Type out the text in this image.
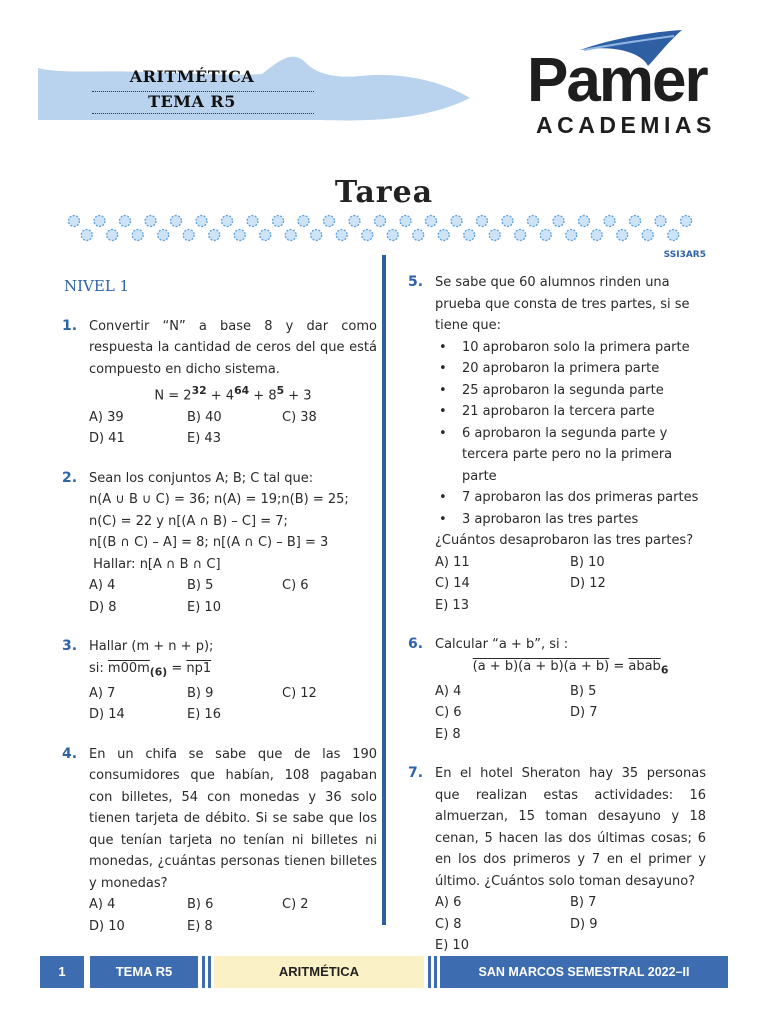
ARITMÉTICA
TEMA R5	Pamer
ACADEMIAS
Tarea
SSI3AR5
NIVEL 1
1. Convertir “N” a base 8 y dar como respuesta la cantidad de ceros del que está compuesto en dicho sistema.
$N = 2^{32} + 4^{64} + 8^5 + 3$
A) 39	B) 40	C) 38
D) 41	E) 43
2. Sean los conjuntos A; B; C tal que:
n(A ∪ B ∪ C) = 36; n(A) = 19;n(B) = 25;
n(C) = 22 y n[(A ∩ B) – C] = 7;
n[(B ∩ C) – A] = 8; n[(A ∩ C) – B] = 3
Hallar: n[A ∩ B ∩ C]
A) 4	B) 5	C) 6
D) 8	E) 10
3. Hallar (m + n + p);
si: $m00m_{(6)} = np1$
A) 7	B) 9	C) 12
D) 14	E) 16
4. En un chifa se sabe que de las 190 consumidores que habían, 108 pagaban con billetes, 54 con monedas y 36 solo tienen tarjeta de débito. Si se sabe que los que tenían tarjeta no tenían ni billetes ni monedas, ¿cuántas personas tienen billetes y monedas?
A) 4	B) 6	C) 2
D) 10	E) 8
5. Se sabe que 60 alumnos rinden una prueba que consta de tres partes, si se tiene que:
• 10 aprobaron solo la primera parte
• 20 aprobaron la primera parte
• 25 aprobaron la segunda parte
• 21 aprobaron la tercera parte
• 6 aprobaron la segunda parte y tercera parte pero no la primera parte
• 7 aprobaron las dos primeras partes
• 3 aprobaron las tres partes
¿Cuántos desaprobaron las tres partes?
A) 11	B) 10
C) 14	D) 12
E) 13
6. Calcular “a + b”, si :
(a + b)(a + b)(a + b) = abab$_6$
A) 4	B) 5
C) 6	D) 7
E) 8
7. En el hotel Sheraton hay 35 personas que realizan estas actividades: 16 almuerzan, 15 toman desayuno y 18 cenan, 5 hacen las dos últimas cosas; 6 en los dos primeros y 7 en el primer y último. ¿Cuántos solo toman desayuno?
A) 6	B) 7
C) 8	D) 9
E) 10
1	TEMA R5	ARITMÉTICA	SAN MARCOS SEMESTRAL 2022–II
